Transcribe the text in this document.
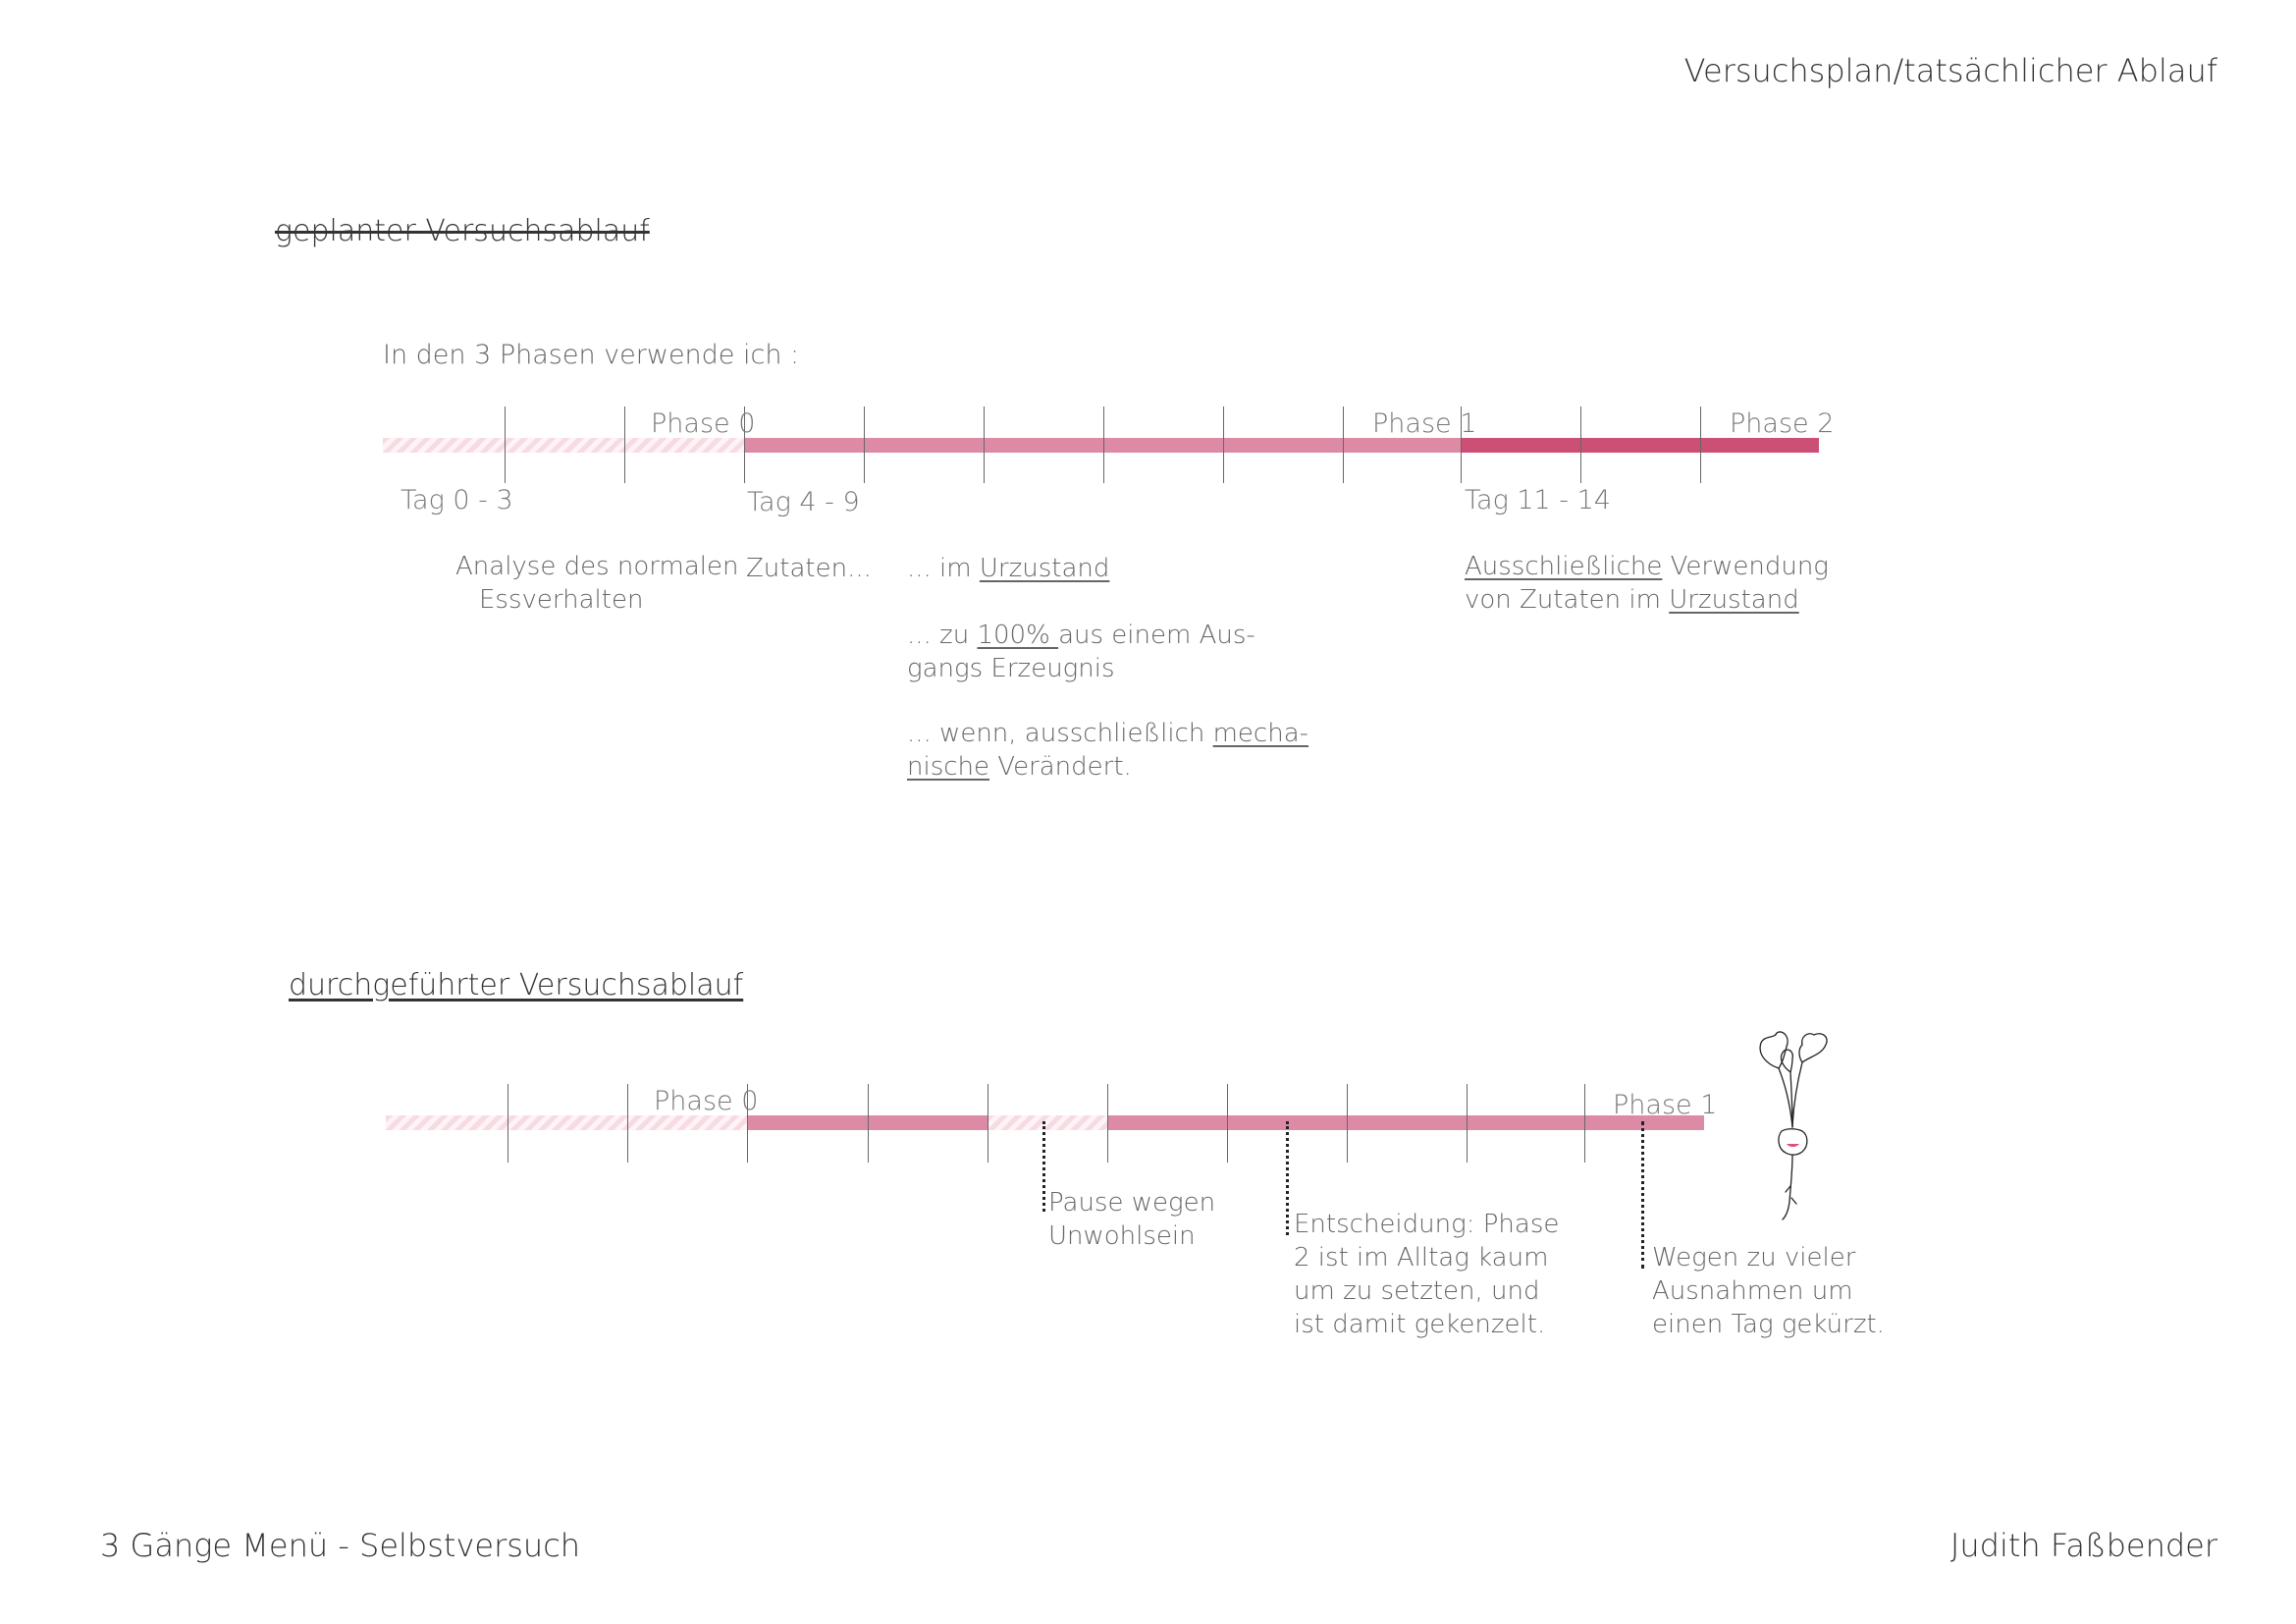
Versuchsplan/tatsächlicher Ablauf
3 Gänge Menü - Selbstversuch	Judith Faßbender
geplanter Versuchsablauf
In den 3 Phasen verwende ich :
Phase 0	Phase 1	Phase 2
Tag 0 - 3	Tag 4 - 9	Tag 11 - 14
Analyse des normalen
Essverhalten
Zutaten... ... im Urzustand
... zu 100% aus einem Aus-
gangs Erzeugnis
... wenn, ausschließlich mecha-
nische Verändert.
Ausschließliche Verwendung
von Zutaten im Urzustand
durchgeführter Versuchsablauf
Phase 0	Phase 1
Pause wegen
Unwohlsein	Entscheidung: Phase
2 ist im Alltag kaum
um zu setzten, und
ist damit gekenzelt.
Wegen zu vieler
Ausnahmen um
einen Tag gekürzt.
